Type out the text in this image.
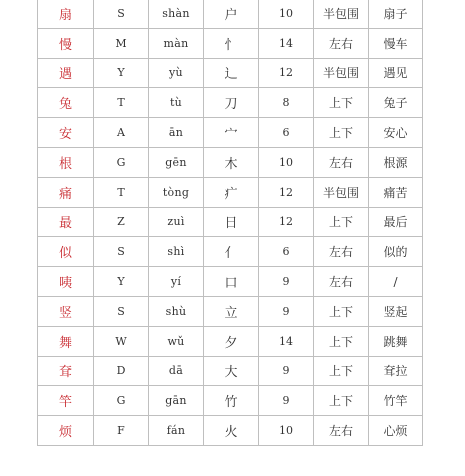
扇	S	shàn	户	10	半包围	扇子
慢	M	màn	忄	14	左右	慢车
遇	Y	yù	辶	12	半包围	遇见
兔	T	tù	刀	8	上下	兔子
安	A	ān	宀	6	上下	安心
根	G	gēn	木	10	左右	根源
痛	T	tòng	疒	12	半包围	痛苦
最	Z	zuì	日	12	上下	最后
似	S	shì	亻	6	左右	似的
咦	Y	yí	口	9	左右	/
竖	S	shù	立	9	上下	竖起
舞	W	wǔ	夕	14	上下	跳舞
耷	D	dā	大	9	上下	耷拉
竿	G	gān	竹	9	上下	竹竿
烦	F	fán	火	10	左右	心烦
